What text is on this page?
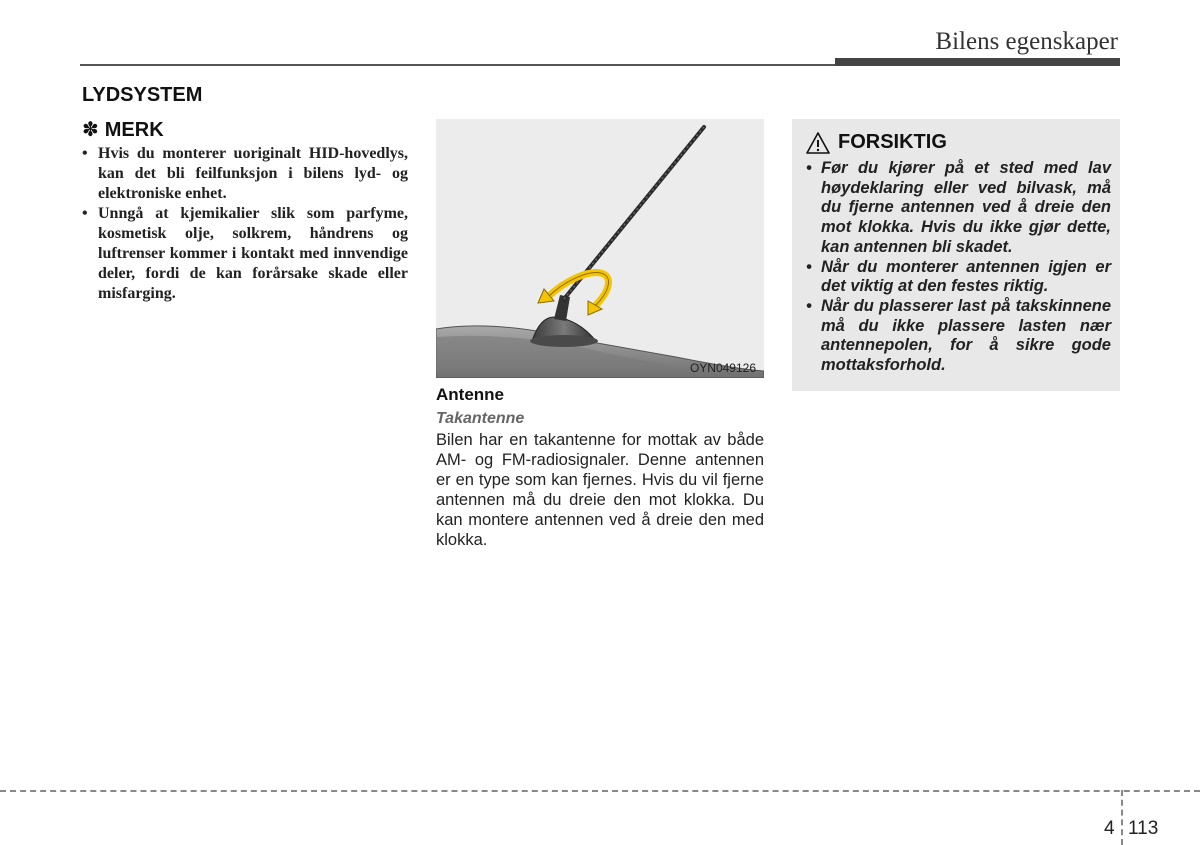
Bilens egenskaper
LYDSYSTEM
✽ MERK
• Hvis du monterer uoriginalt HID-hovedlys, kan det bli feilfunksjon i bilens lyd- og elektroniske enhet.
• Unngå at kjemikalier slik som parfyme, kosmetisk olje, solkrem, håndrens og luftrenser kommer i kontakt med innvendige deler, fordi de kan forårsake skade eller misfarging.
OYN049126
Antenne
Takantenne

Bilen har en takantenne for mottak av både AM- og FM-radiosignaler. Denne antennen er en type som kan fjernes. Hvis du vil fjerne antennen må du dreie den mot klokka. Du kan montere antennen ved å dreie den med klokka.

FORSIKTIG
• Før du kjører på et sted med lav høydeklaring eller ved bilvask, må du fjerne antennen ved å dreie den mot klokka. Hvis du ikke gjør dette, kan antennen bli skadet.
• Når du monterer antennen igjen er det viktig at den festes riktig.
• Når du plasserer last på takskinnene må du ikke plassere lasten nær antennepolen, for å sikre gode mottaksforhold.
4 113
